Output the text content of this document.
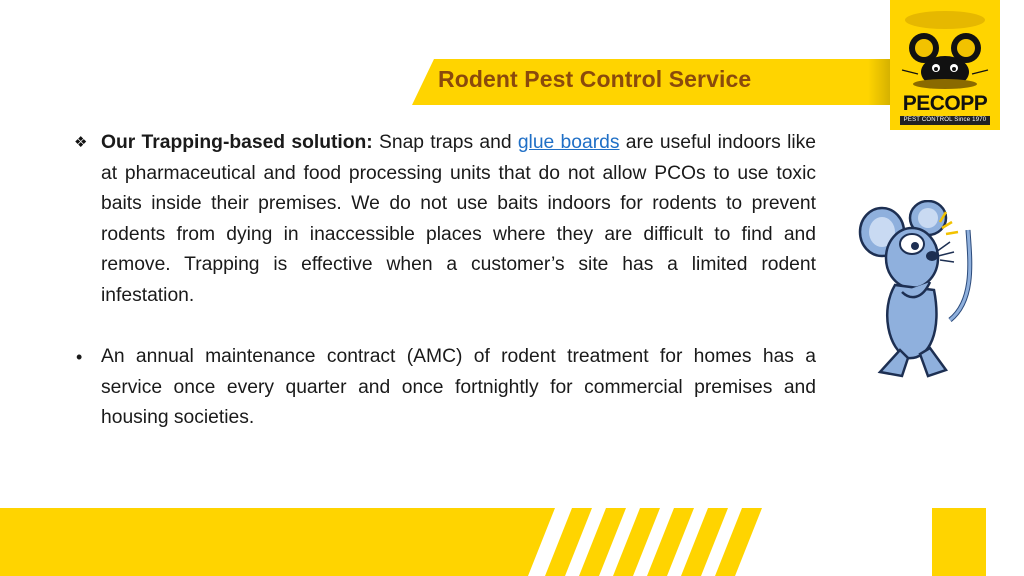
Rodent Pest Control Service
PECOPP
PEST CONTROL Since 1970
❖ Our Trapping-based solution: Snap traps and glue boards are useful indoors like at pharmaceutical and food processing units that do not allow PCOs to use toxic baits inside their premises. We do not use baits indoors for rodents to prevent rodents from dying in inaccessible places where they are difficult to find and remove. Trapping is effective when a customer’s site has a limited rodent infestation.
• An annual maintenance contract (AMC) of rodent treatment for homes has a service once every quarter and once fortnightly for commercial premises and housing societies.
